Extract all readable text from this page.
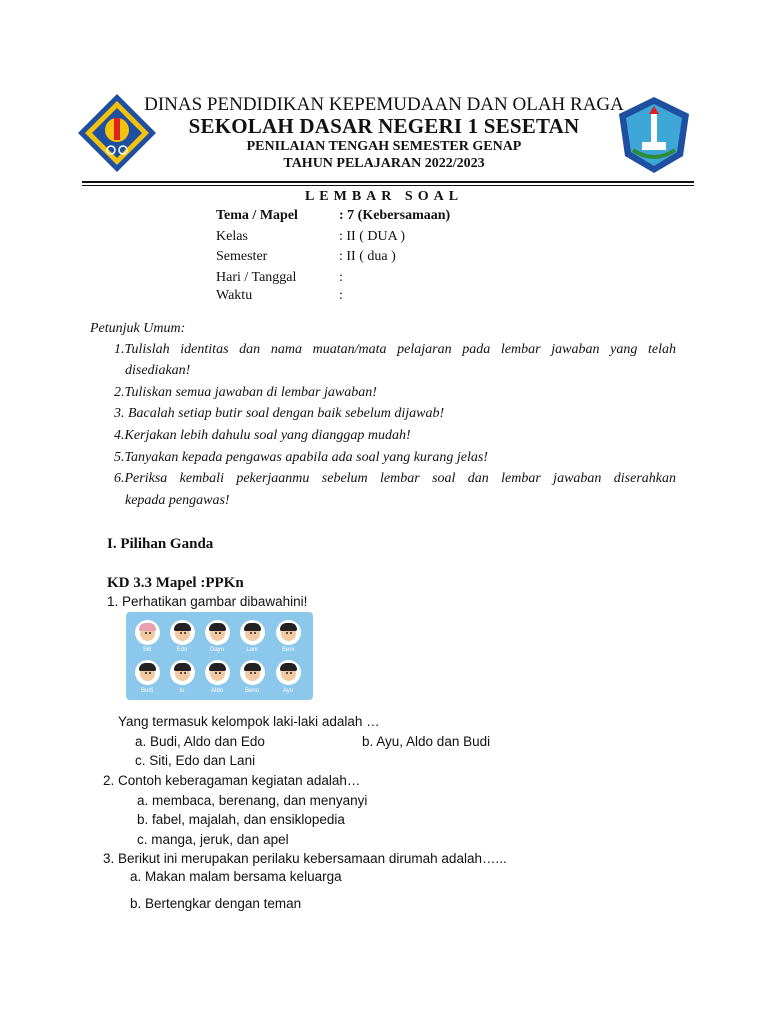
DINAS PENDIDIKAN KEPEMUDAAN DAN OLAH RAGA
SEKOLAH DASAR NEGERI 1 SESETAN
PENILAIAN TENGAH SEMESTER GENAP
TAHUN PELAJARAN 2022/2023
LEMBAR SOAL
Tema / Mapel	: 7 (Kebersamaan)
Kelas	: II ( DUA )
Semester	: II ( dua )
Hari / Tanggal	:
Waktu	:
Petunjuk Umum:
1.Tulislah identitas dan nama muatan/mata pelajaran pada lembar jawaban yang telah
disediakan!
2.Tuliskan semua jawaban di lembar jawaban!
3. Bacalah setiap butir soal dengan baik sebelum dijawab!
4.Kerjakan lebih dahulu soal yang dianggap mudah!
5.Tanyakan kepada pengawas apabila ada soal yang kurang jelas!
6.Periksa kembali pekerjaanmu sebelum lembar soal dan lembar jawaban diserahkan
kepada pengawas!
I. Pilihan Ganda
KD 3.3 Mapel :PPKn
1. Perhatikan gambar dibawahini!
Siti	Edo	Dayu	Lani	Beni
Budi	Iu	Aldo	Beno	Ayu
Yang termasuk kelompok laki-laki adalah …
a. Budi, Aldo dan Edo	b. Ayu, Aldo dan Budi
c. Siti, Edo dan Lani
2. Contoh keberagaman kegiatan adalah…
a. membaca, berenang, dan menyanyi
b. fabel, majalah, dan ensiklopedia
c. manga, jeruk, dan apel
3. Berikut ini merupakan perilaku kebersamaan dirumah adalah…...
a. Makan malam bersama keluarga
b. Bertengkar dengan teman
